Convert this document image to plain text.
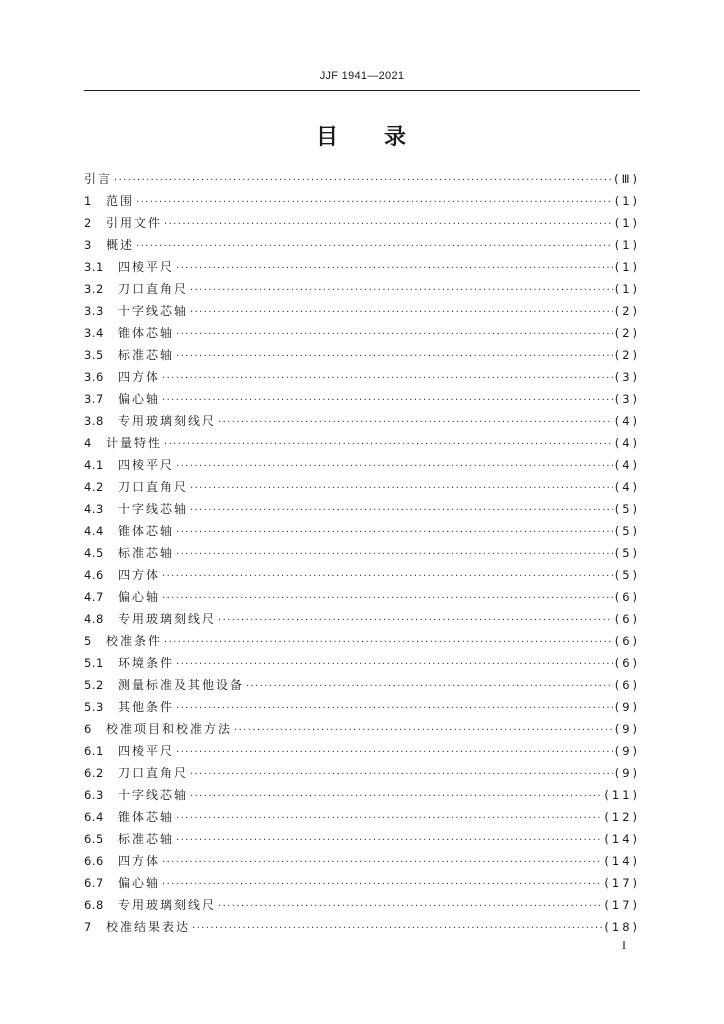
JJF 1941—2021
目 录
引言 ·····	(Ⅲ)
1	范围 ·····	(1)
2	引用文件 ·····	(1)
3	概述 ·····	(1)
3.1	四棱平尺 ·····	(1)
3.2	刀口直角尺 ·····	(1)
3.3	十字线芯轴 ·····	(2)
3.4	锥体芯轴 ·····	(2)
3.5	标准芯轴 ·····	(2)
3.6	四方体 ·····	(3)
3.7	偏心轴 ·····	(3)
3.8	专用玻璃刻线尺 ·····	(4)
4	计量特性 ·····	(4)
4.1	四棱平尺 ·····	(4)
4.2	刀口直角尺 ·····	(4)
4.3	十字线芯轴 ·····	(5)
4.4	锥体芯轴 ·····	(5)
4.5	标准芯轴 ·····	(5)
4.6	四方体 ·····	(5)
4.7	偏心轴 ·····	(6)
4.8	专用玻璃刻线尺 ·····	(6)
5	校准条件 ·····	(6)
5.1	环境条件 ·····	(6)
5.2	测量标准及其他设备 ·····	(6)
5.3	其他条件 ·····	(9)
6	校准项目和校准方法 ·····	(9)
6.1	四棱平尺 ·····	(9)
6.2	刀口直角尺 ·····	(9)
6.3	十字线芯轴 ·····	(11)
6.4	锥体芯轴 ·····	(12)
6.5	标准芯轴 ·····	(14)
6.6	四方体 ·····	(14)
6.7	偏心轴 ·····	(17)
6.8	专用玻璃刻线尺 ·····	(17)
7	校准结果表达 ·····	(18)
I
